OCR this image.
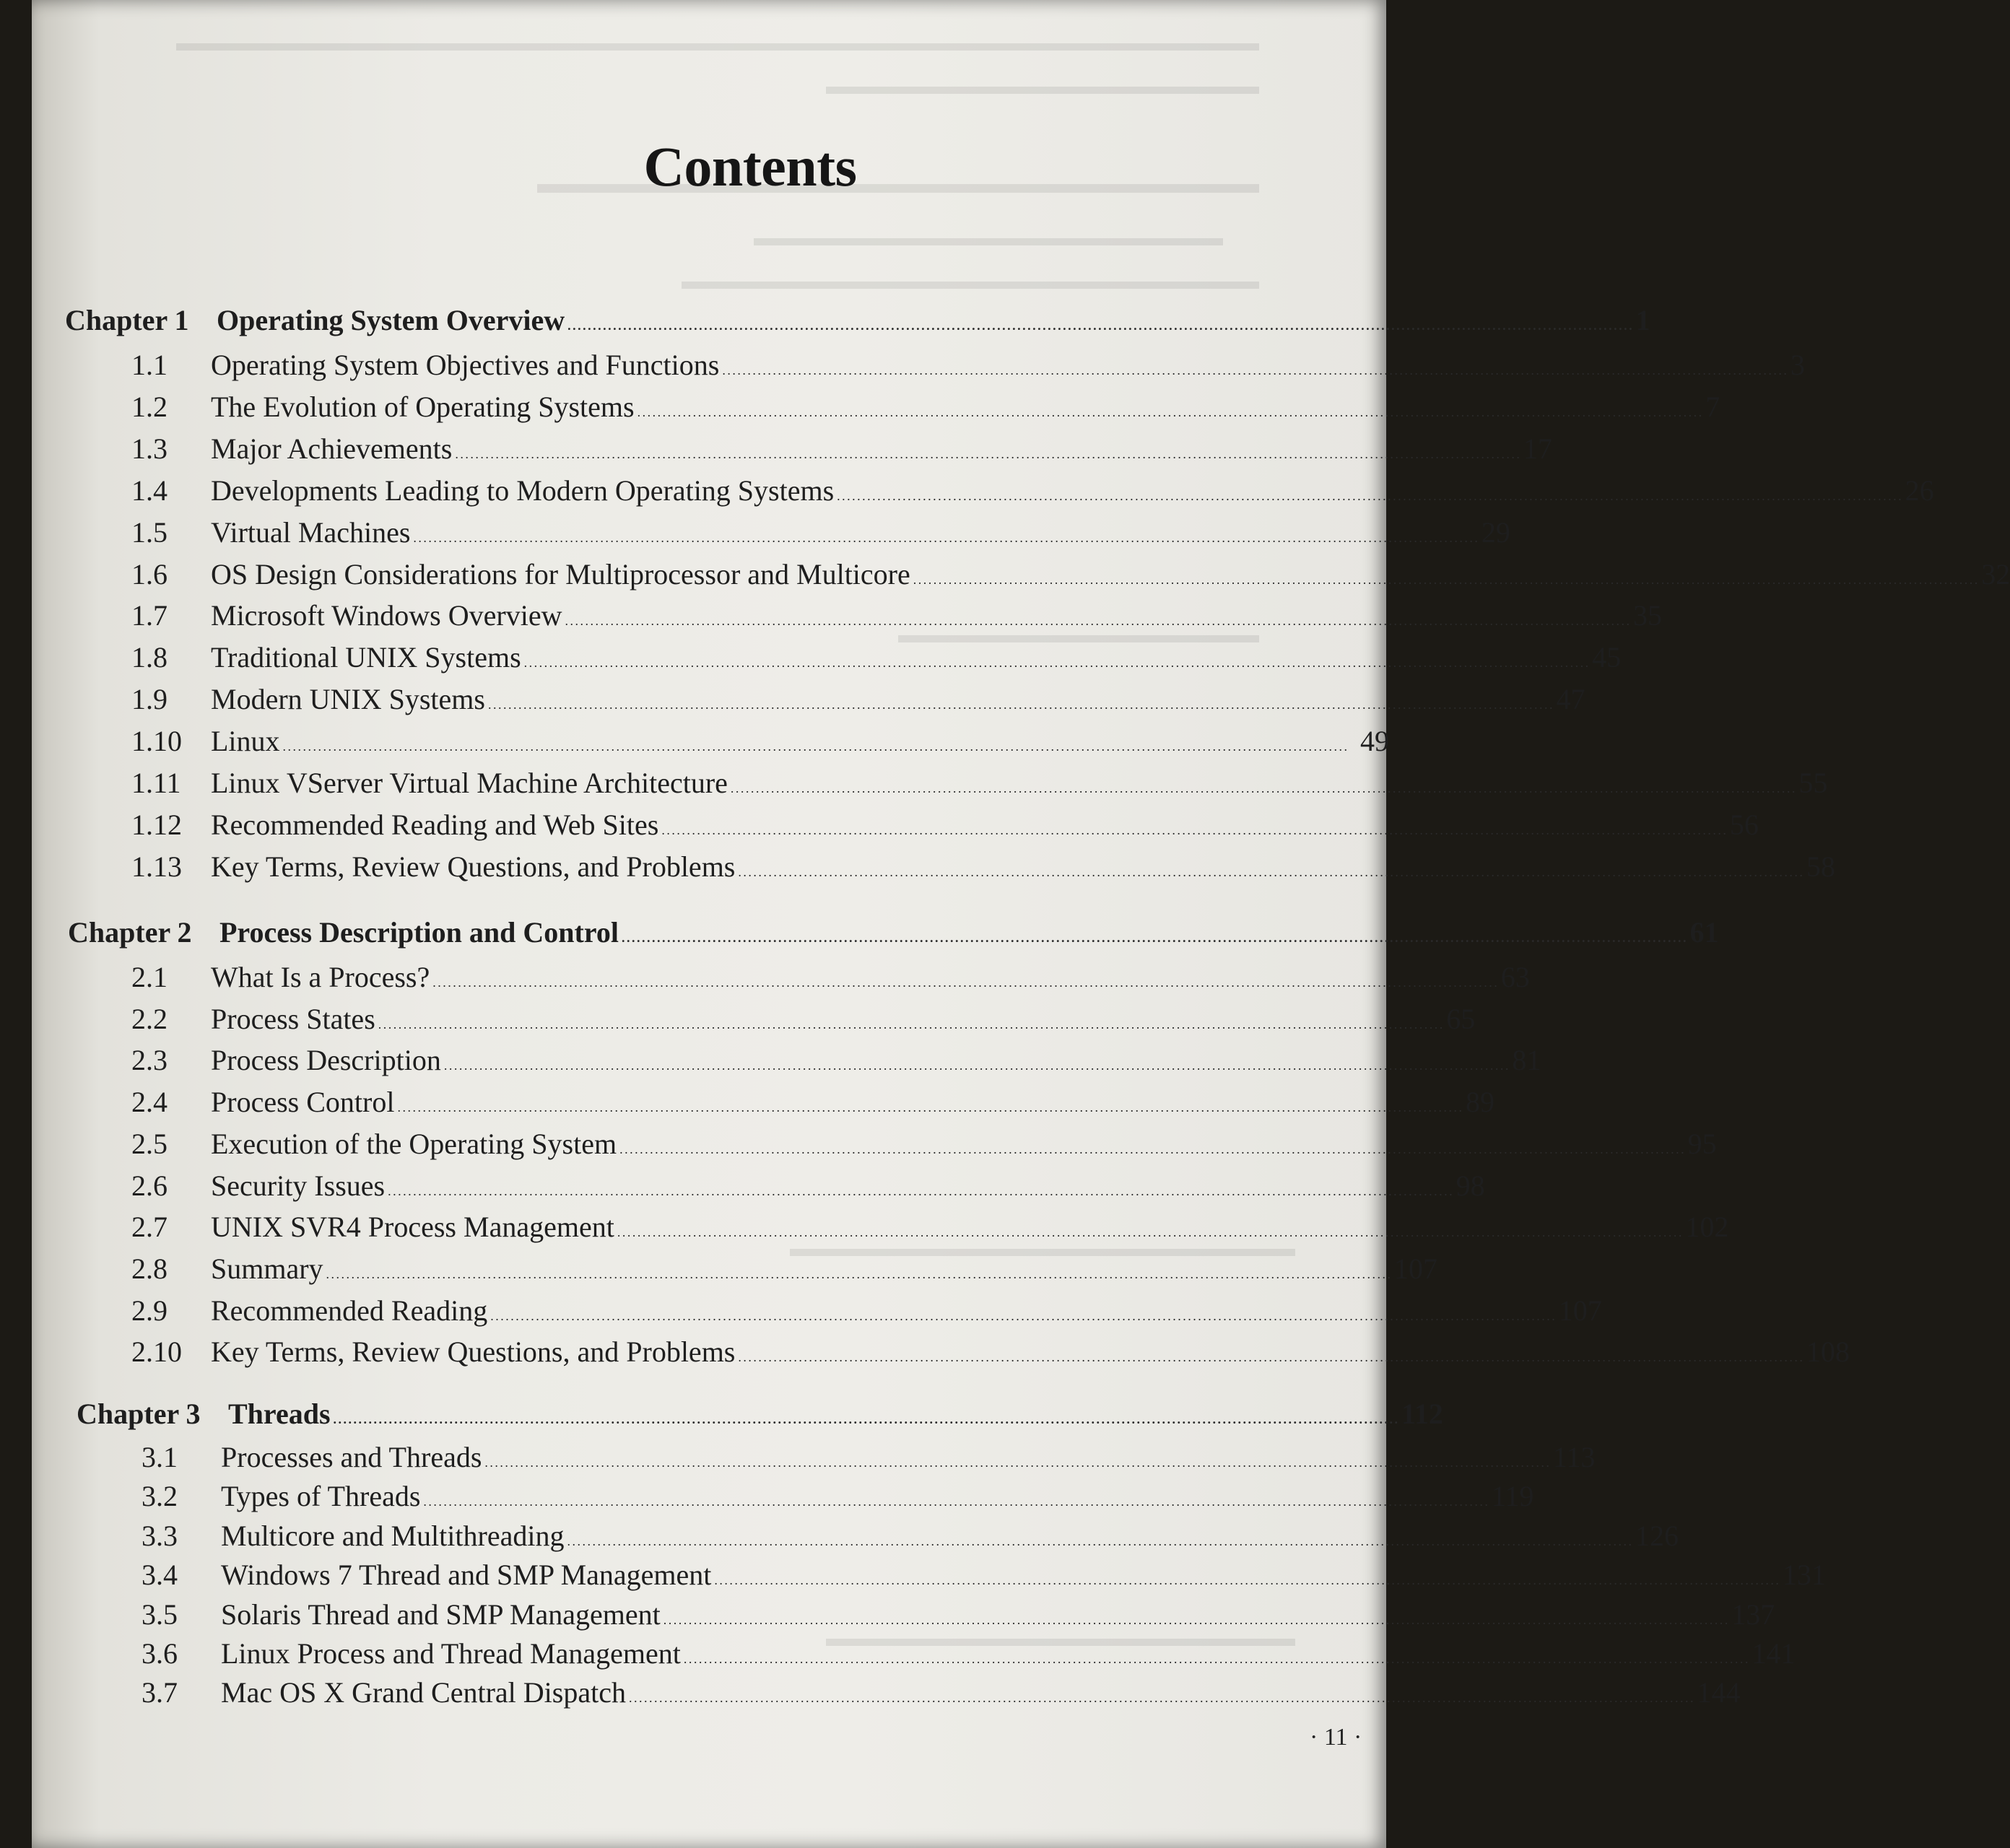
Contents
Chapter 1 Operating System Overview . . .	1
1.1	Operating System Objectives and Functions . . .	3
1.2	The Evolution of Operating Systems . . .	7
1.3	Major Achievements . . .	17
1.4	Developments Leading to Modern Operating Systems . . .	26
1.5	Virtual Machines . . .	29
1.6	OS Design Considerations for Multiprocessor and Multicore . . .	32
1.7	Microsoft Windows Overview . . .	35
1.8	Traditional UNIX Systems . . .	45
1.9	Modern UNIX Systems . . .	47
1.10	Linux . . .	49
1.11	Linux VServer Virtual Machine Architecture . . .	55
1.12	Recommended Reading and Web Sites . . .	56
1.13	Key Terms, Review Questions, and Problems . . .	58
Chapter 2 Process Description and Control . . .	61
2.1	What Is a Process? . . .	63
2.2	Process States . . .	65
2.3	Process Description . . .	81
2.4	Process Control . . .	89
2.5	Execution of the Operating System . . .	95
2.6	Security Issues . . .	98
2.7	UNIX SVR4 Process Management . . .	102
2.8	Summary . . .	107
2.9	Recommended Reading . . .	107
2.10	Key Terms, Review Questions, and Problems . . .	108
Chapter 3 Threads . . .	112
3.1	Processes and Threads . . .	113
3.2	Types of Threads . . .	119
3.3	Multicore and Multithreading . . .	126
3.4	Windows 7 Thread and SMP Management . . .	131
3.5	Solaris Thread and SMP Management . . .	137
3.6	Linux Process and Thread Management . . .	141
3.7	Mac OS X Grand Central Dispatch . . .	144
· 11 ·
